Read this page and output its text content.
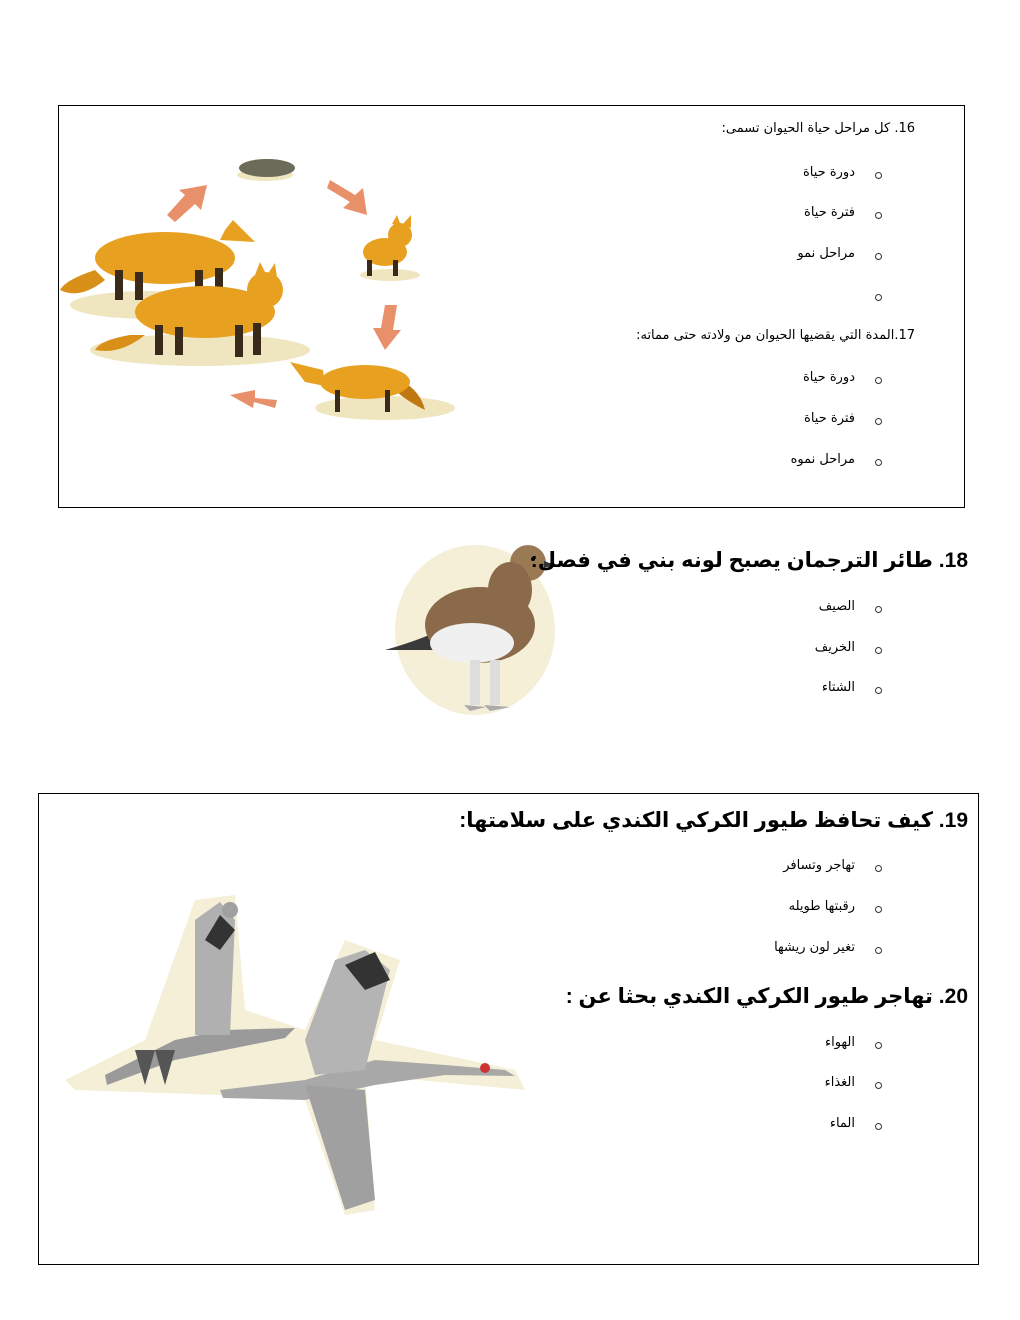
16. كل مراحل حياة الحيوان تسمى:
دورة حياة
فترة حياة
مراحل نمو
17.المدة التي يقضيها الحيوان من ولادته حتى مماته:
دورة حياة
فترة حياة
مراحل نموه
18. طائر الترجمان يصبح لونه بني في فصل:
الصيف
الخريف
الشتاء
19. كيف تحافظ طيور الكركي الكندي على سلامتها:
تهاجر وتسافر
رقبتها طويله
تغير لون ريشها
20. تهاجر طيور الكركي الكندي بحثا عن :
الهواء
الغذاء
الماء
